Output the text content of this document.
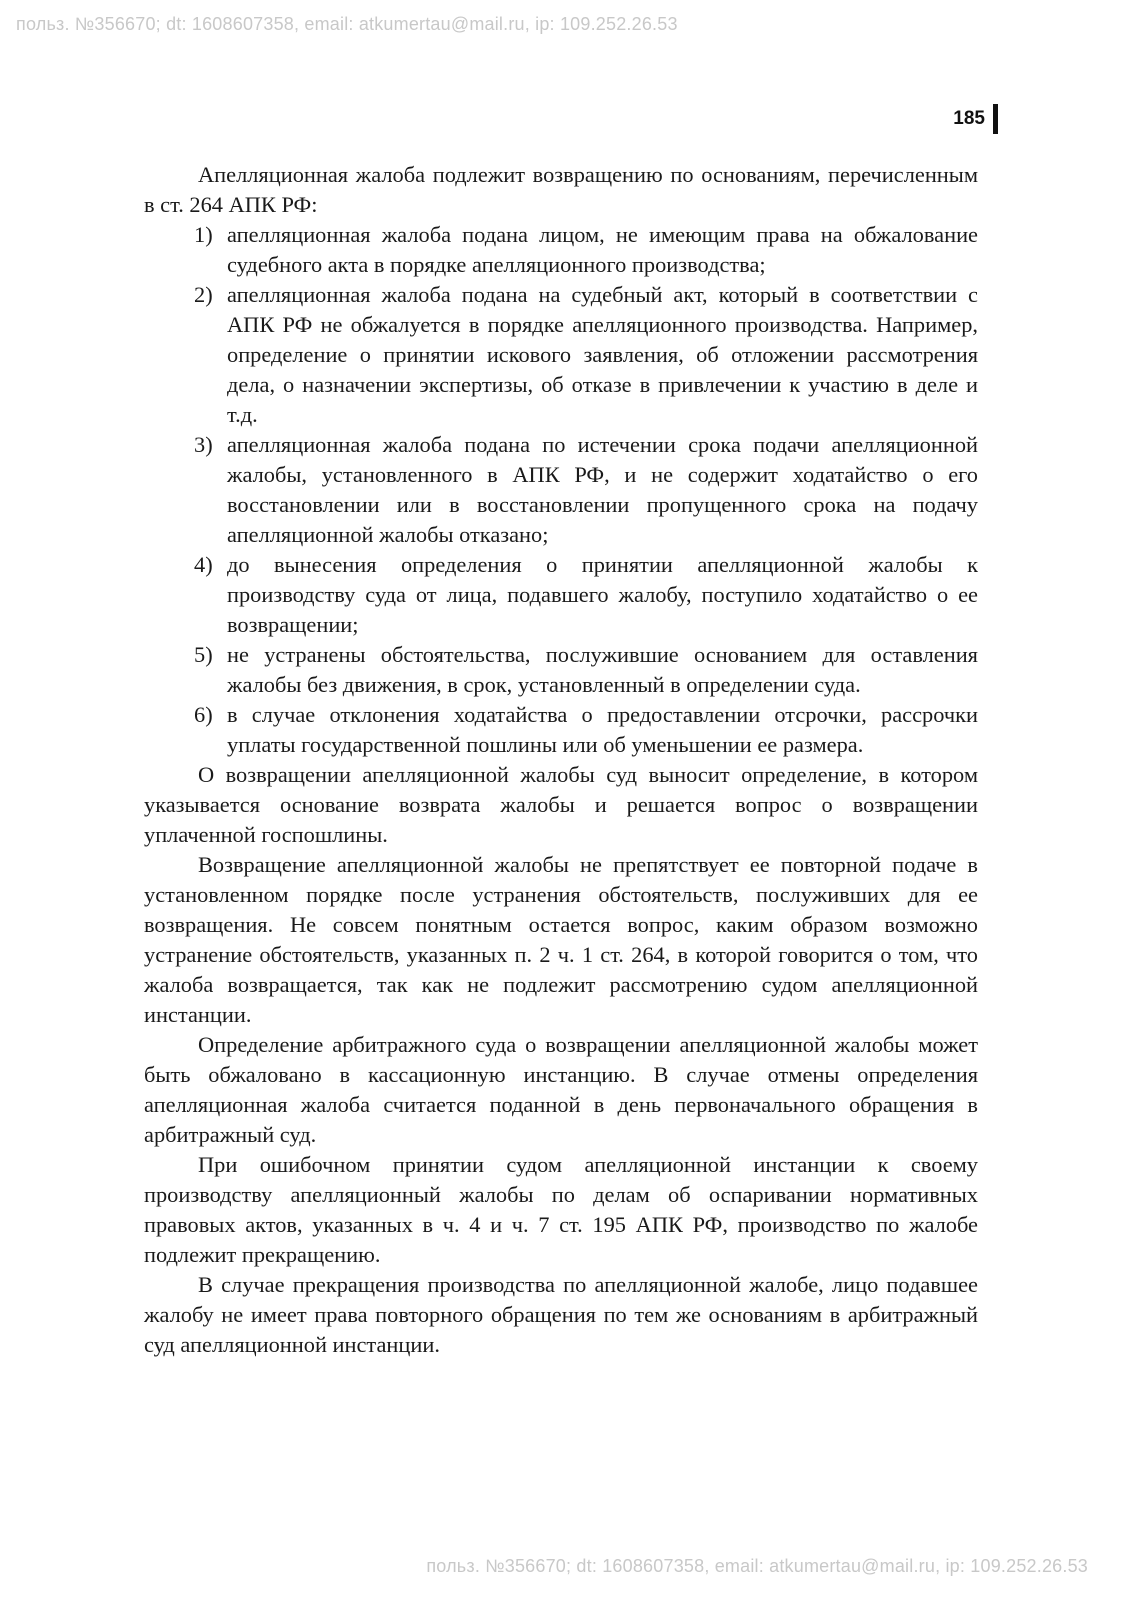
польз. №356670; dt: 1608607358, email: atkumertau@mail.ru, ip: 109.252.26.53
185

Апелляционная жалоба подлежит возвращению по основаниям, перечисленным в ст. 264 АПК РФ:

1) апелляционная жалоба подана лицом, не имеющим права на обжалование судебного акта в порядке апелляционного производства;
2) апелляционная жалоба подана на судебный акт, который в соответствии с АПК РФ не обжалуется в порядке апелляционного производства. Например, определение о принятии искового заявления, об отложении рассмотрения дела, о назначении экспертизы, об отказе в привлечении к участию в деле и т.д.
3) апелляционная жалоба подана по истечении срока подачи апелляционной жалобы, установленного в АПК РФ, и не содержит ходатайство о его восстановлении или в восстановлении пропущенного срока на подачу апелляционной жалобы отказано;
4) до вынесения определения о принятии апелляционной жалобы к производству суда от лица, подавшего жалобу, поступило ходатайство о ее возвращении;
5) не устранены обстоятельства, послужившие основанием для оставления жалобы без движения, в срок, установленный в определении суда.
6) в случае отклонения ходатайства о предоставлении отсрочки, рассрочки уплаты государственной пошлины или об уменьшении ее размера.

О возвращении апелляционной жалобы суд выносит определение, в котором указывается основание возврата жалобы и решается вопрос о возвращении уплаченной госпошлины.

Возвращение апелляционной жалобы не препятствует ее повторной подаче в установленном порядке после устранения обстоятельств, послуживших для ее возвращения. Не совсем понятным остается вопрос, каким образом возможно устранение обстоятельств, указанных п. 2 ч. 1 ст. 264, в которой говорится о том, что жалоба возвращается, так как не подлежит рассмотрению судом апелляционной инстанции.

Определение арбитражного суда о возвращении апелляционной жалобы может быть обжаловано в кассационную инстанцию. В случае отмены определения апелляционная жалоба считается поданной в день первоначального обращения в арбитражный суд.

При ошибочном принятии судом апелляционной инстанции к своему производству апелляционный жалобы по делам об оспаривании нормативных правовых актов, указанных в ч. 4 и ч. 7 ст. 195 АПК РФ, производство по жалобе подлежит прекращению.

В случае прекращения производства по апелляционной жалобе, лицо подавшее жалобу не имеет права повторного обращения по тем же основаниям в арбитражный суд апелляционной инстанции.

польз. №356670; dt: 1608607358, email: atkumertau@mail.ru, ip: 109.252.26.53
